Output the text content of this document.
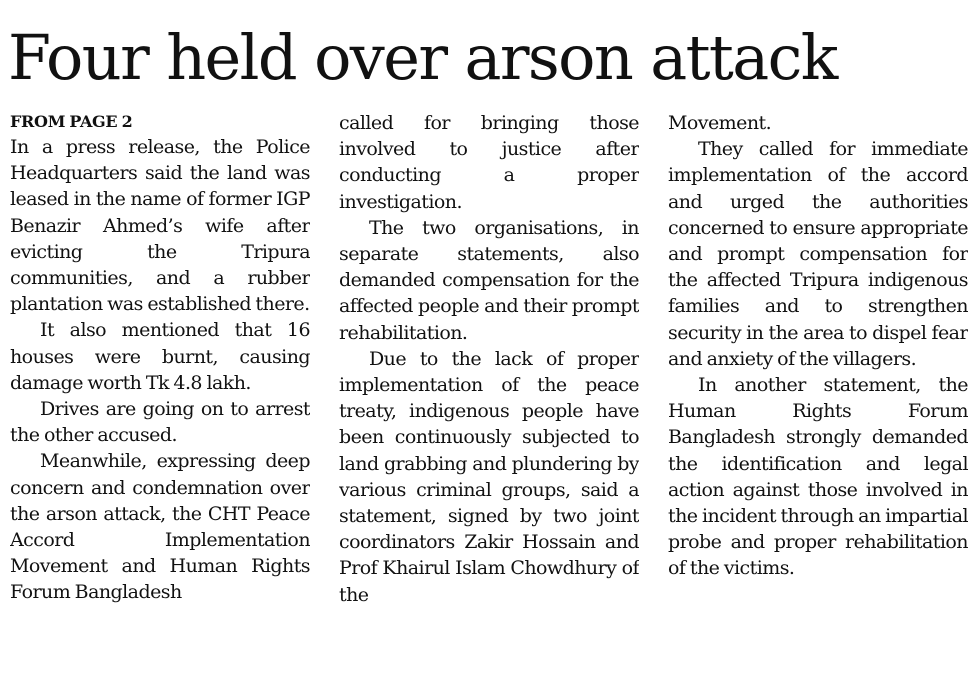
Four held over arson attack
FROM PAGE 2

In a press release, the Police Headquarters said the land was leased in the name of former IGP Benazir Ahmed’s wife after evicting the Tripura communities, and a rubber plantation was established there.

It also mentioned that 16 houses were burnt, causing damage worth Tk 4.8 lakh.

Drives are going on to arrest the other accused.

Meanwhile, expressing deep concern and condemnation over the arson attack, the CHT Peace Accord Implementation Movement and Human Rights Forum Bangladesh

called for bringing those involved to justice after conducting a proper investigation.

The two organisations, in separate statements, also demanded compensation for the affected people and their prompt rehabilitation.

Due to the lack of proper implementation of the peace treaty, indigenous people have been continuously subjected to land grabbing and plundering by various criminal groups, said a statement, signed by two joint coordinators Zakir Hossain and Prof Khairul Islam Chowdhury of the

Movement.

They called for immediate implementation of the accord and urged the authorities concerned to ensure appropriate and prompt compensation for the affected Tripura indigenous families and to strengthen security in the area to dispel fear and anxiety of the villagers.

In another statement, the Human Rights Forum Bangladesh strongly demanded the identification and legal action against those involved in the incident through an impartial probe and proper rehabilitation of the victims.
